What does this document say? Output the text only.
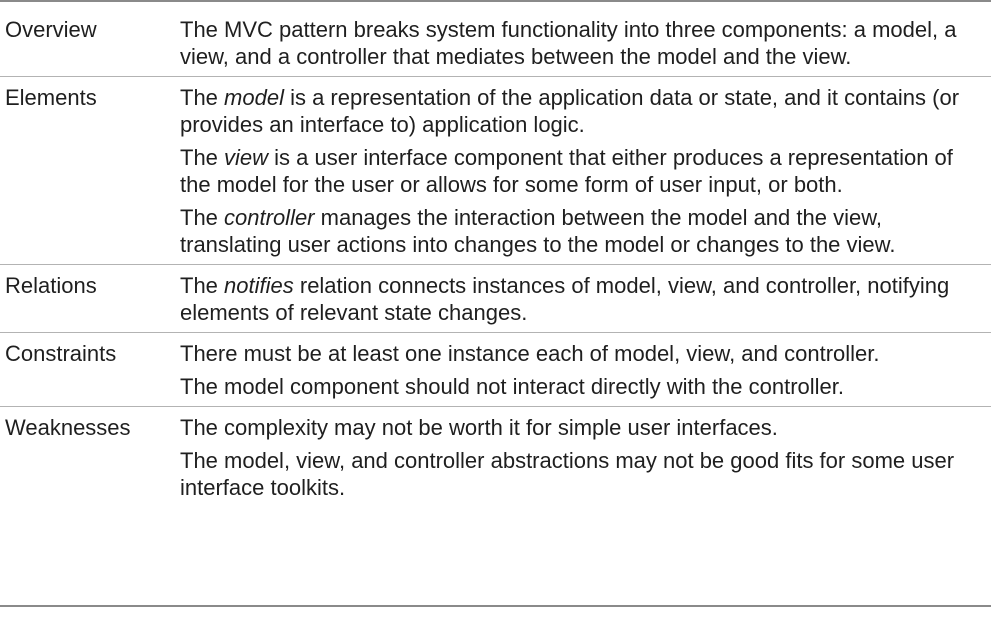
Overview	The MVC pattern breaks system functionality into three components: a model, a view, and a controller that mediates between the model and the view.

Elements	The model is a representation of the application data or state, and it contains (or provides an interface to) application logic.

The view is a user interface component that either produces a representation of the model for the user or allows for some form of user input, or both.

The controller manages the interaction between the model and the view, translating user actions into changes to the model or changes to the view.

Relations	The notifies relation connects instances of model, view, and controller, notifying elements of relevant state changes.

Constraints	There must be at least one instance each of model, view, and controller.

The model component should not interact directly with the controller.

Weaknesses	The complexity may not be worth it for simple user interfaces.

The model, view, and controller abstractions may not be good fits for some user interface toolkits.
